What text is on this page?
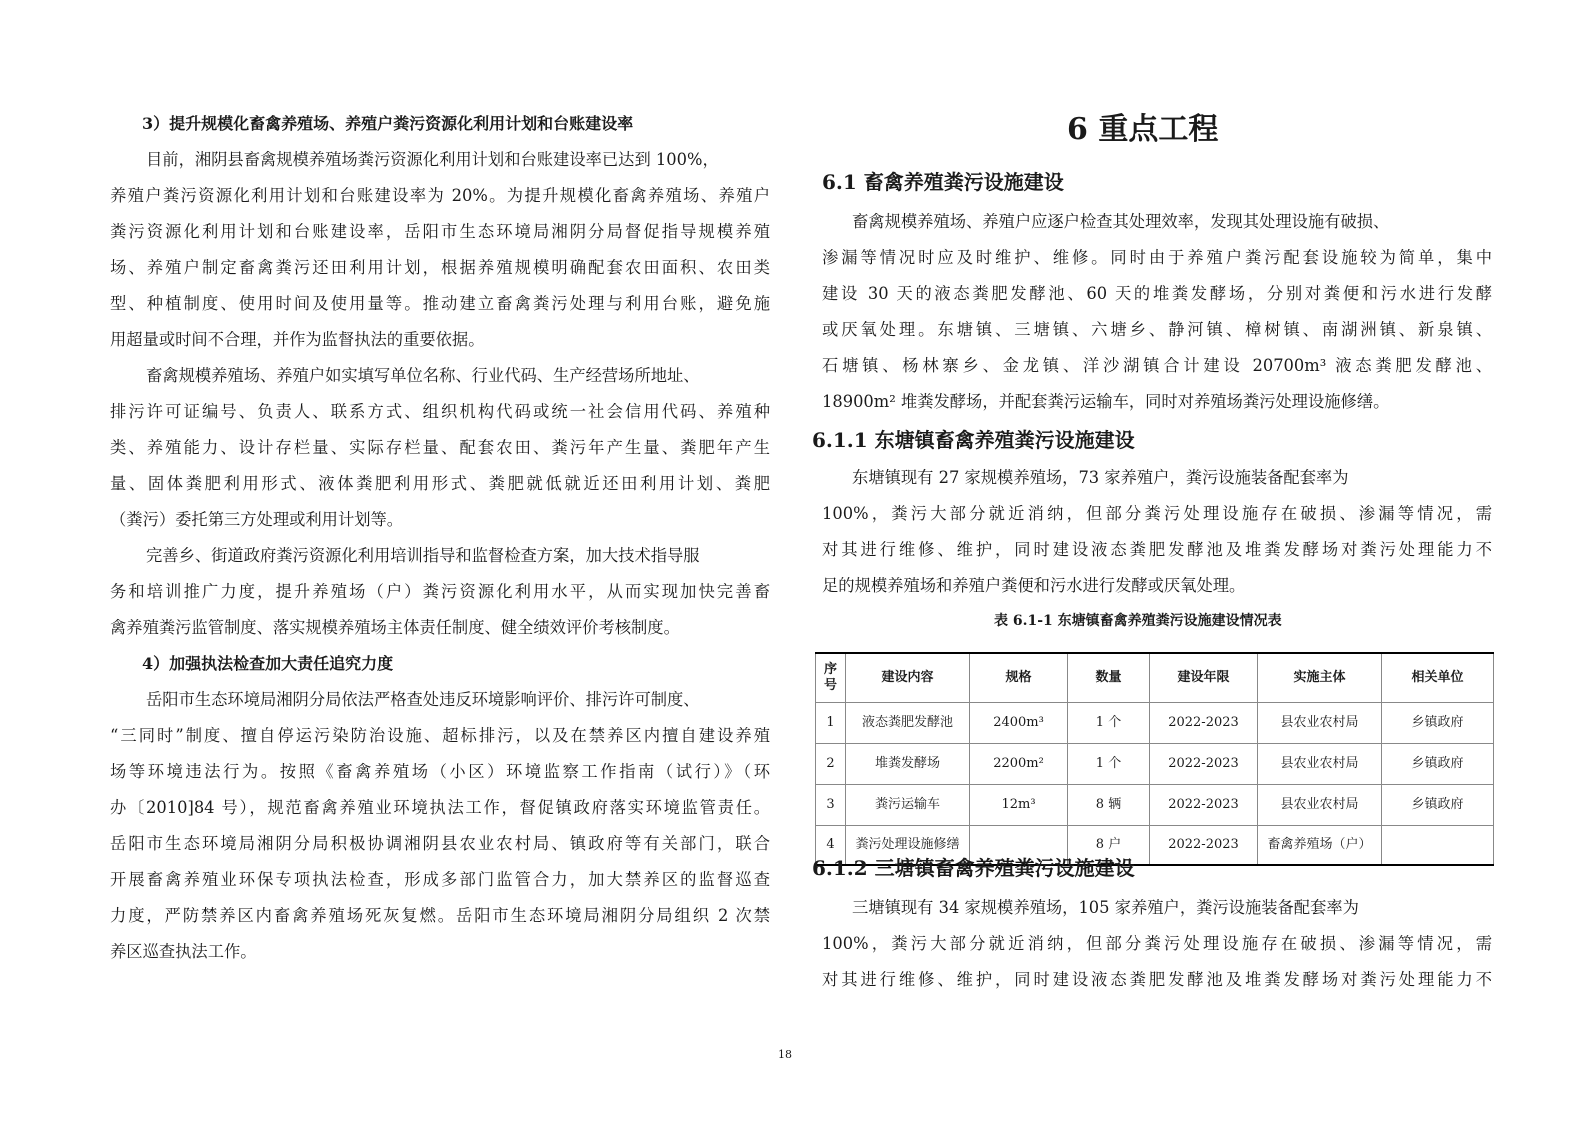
3）提升规模化畜禽养殖场、养殖户粪污资源化利用计划和台账建设率
目前，湘阴县畜禽规模养殖场粪污资源化利用计划和台账建设率已达到 100%，
养殖户粪污资源化利用计划和台账建设率为 20%。为提升规模化畜禽养殖场、养殖户
粪污资源化利用计划和台账建设率，岳阳市生态环境局湘阴分局督促指导规模养殖
场、养殖户制定畜禽粪污还田利用计划，根据养殖规模明确配套农田面积、农田类
型、种植制度、使用时间及使用量等。推动建立畜禽粪污处理与利用台账，避免施
用超量或时间不合理，并作为监督执法的重要依据。
畜禽规模养殖场、养殖户如实填写单位名称、行业代码、生产经营场所地址、
排污许可证编号、负责人、联系方式、组织机构代码或统一社会信用代码、养殖种
类、养殖能力、设计存栏量、实际存栏量、配套农田、粪污年产生量、粪肥年产生
量、固体粪肥利用形式、液体粪肥利用形式、粪肥就低就近还田利用计划、粪肥
（粪污）委托第三方处理或利用计划等。
完善乡、街道政府粪污资源化利用培训指导和监督检查方案，加大技术指导服
务和培训推广力度，提升养殖场（户）粪污资源化利用水平，从而实现加快完善畜
禽养殖粪污监管制度、落实规模养殖场主体责任制度、健全绩效评价考核制度。
4）加强执法检查加大责任追究力度
岳阳市生态环境局湘阴分局依法严格查处违反环境影响评价、排污许可制度、
“三同时”制度、擅自停运污染防治设施、超标排污，以及在禁养区内擅自建设养殖
场等环境违法行为。按照《畜禽养殖场（小区）环境监察工作指南（试行）》（环
办〔2010]84 号），规范畜禽养殖业环境执法工作，督促镇政府落实环境监管责任。
岳阳市生态环境局湘阴分局积极协调湘阴县农业农村局、镇政府等有关部门，联合
开展畜禽养殖业环保专项执法检查，形成多部门监管合力，加大禁养区的监督巡查
力度，严防禁养区内畜禽养殖场死灰复燃。岳阳市生态环境局湘阴分局组织 2 次禁
养区巡查执法工作。
6 重点工程
6.1 畜禽养殖粪污设施建设
畜禽规模养殖场、养殖户应逐户检查其处理效率，发现其处理设施有破损、
渗漏等情况时应及时维护、维修。同时由于养殖户粪污配套设施较为简单，集中
建设 30 天的液态粪肥发酵池、60 天的堆粪发酵场，分别对粪便和污水进行发酵
或厌氧处理。东塘镇、三塘镇、六塘乡、静河镇、樟树镇、南湖洲镇、新泉镇、
石塘镇、杨林寨乡、金龙镇、洋沙湖镇合计建设 20700m³ 液态粪肥发酵池、
18900m² 堆粪发酵场，并配套粪污运输车，同时对养殖场粪污处理设施修缮。
6.1.1 东塘镇畜禽养殖粪污设施建设
东塘镇现有 27 家规模养殖场，73 家养殖户，粪污设施装备配套率为
100%，粪污大部分就近消纳，但部分粪污处理设施存在破损、渗漏等情况，需
对其进行维修、维护，同时建设液态粪肥发酵池及堆粪发酵场对粪污处理能力不
足的规模养殖场和养殖户粪便和污水进行发酵或厌氧处理。
表 6.1-1 东塘镇畜禽养殖粪污设施建设情况表
序号	建设内容	规格	数量	建设年限	实施主体	相关单位
1	液态粪肥发酵池	2400m³	1 个	2022-2023	县农业农村局	乡镇政府
2	堆粪发酵场	2200m²	1 个	2022-2023	县农业农村局	乡镇政府
3	粪污运输车	12m³	8 辆	2022-2023	县农业农村局	乡镇政府
4	粪污处理设施修缮		8 户	2022-2023	畜禽养殖场（户）	
6.1.2 三塘镇畜禽养殖粪污设施建设
三塘镇现有 34 家规模养殖场，105 家养殖户，粪污设施装备配套率为
100%，粪污大部分就近消纳，但部分粪污处理设施存在破损、渗漏等情况，需
对其进行维修、维护，同时建设液态粪肥发酵池及堆粪发酵场对粪污处理能力不
18
